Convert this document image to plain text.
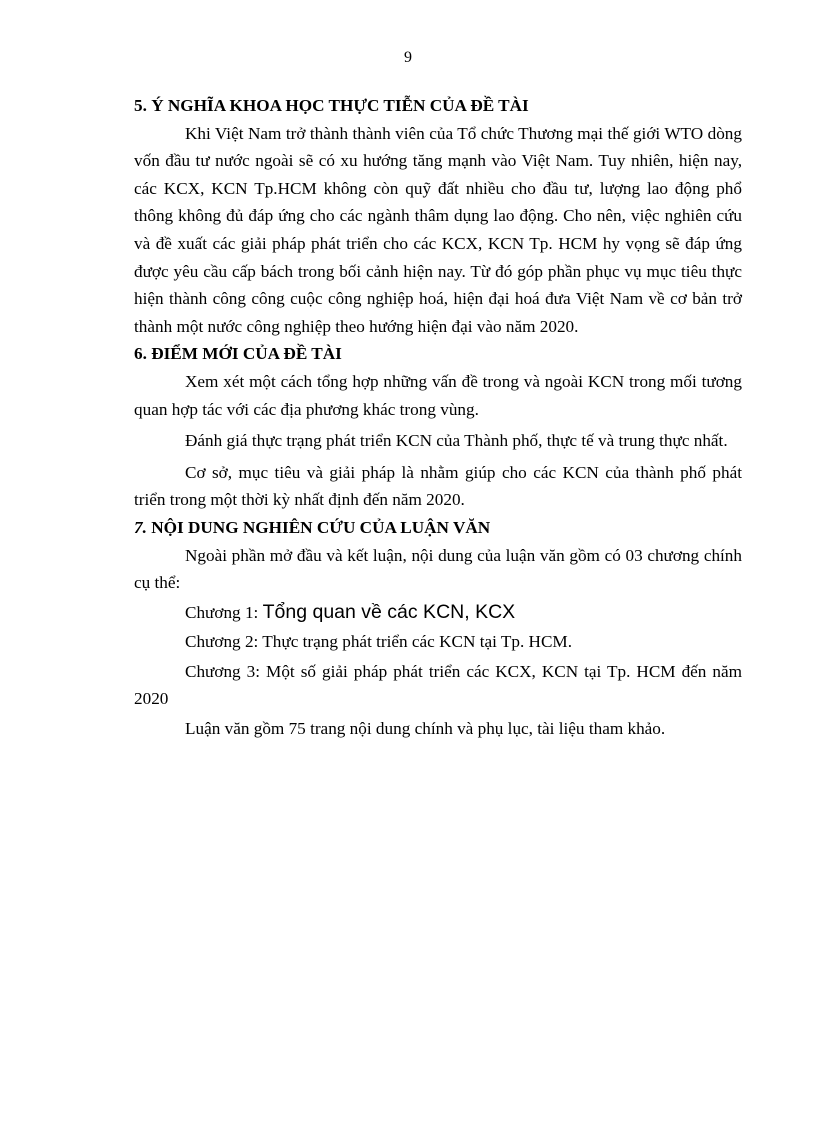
9

5. Ý NGHĨA KHOA HỌC THỰC TIỄN CỦA ĐỀ TÀI

Khi Việt Nam trở thành thành viên của Tổ chức Thương mại thế giới WTO dòng vốn đầu tư nước ngoài sẽ có xu hướng tăng mạnh vào Việt Nam. Tuy nhiên, hiện nay, các KCX, KCN Tp.HCM không còn quỹ đất nhiều cho đầu tư, lượng lao động phổ thông không đủ đáp ứng cho các ngành thâm dụng lao động. Cho nên, việc nghiên cứu và đề xuất các giải pháp phát triển cho các KCX, KCN Tp. HCM hy vọng sẽ đáp ứng được yêu cầu cấp bách trong bối cảnh hiện nay. Từ đó góp phần phục vụ mục tiêu thực hiện thành công công cuộc công nghiệp hoá, hiện đại hoá đưa Việt Nam về cơ bản trở thành một nước công nghiệp theo hướng hiện đại vào năm 2020.

6. ĐIỂM MỚI CỦA ĐỀ TÀI

Xem xét một cách tổng hợp những vấn đề trong và ngoài KCN trong mối tương quan hợp tác với các địa phương khác trong vùng.

Đánh giá thực trạng phát triển KCN của Thành phố, thực tế và trung thực nhất.

Cơ sở, mục tiêu và giải pháp là nhằm giúp cho các KCN của thành phố phát triển trong một thời kỳ nhất định đến năm 2020.

7. NỘI DUNG NGHIÊN CỨU CỦA LUẬN VĂN

Ngoài phần mở đầu và kết luận, nội dung của luận văn gồm có 03 chương chính cụ thể:

Chương 1: Tổng quan về các KCN, KCX

Chương 2: Thực trạng phát triển các KCN tại Tp. HCM.

Chương 3: Một số giải pháp phát triển các KCX, KCN tại Tp. HCM đến năm 2020

Luận văn gồm 75 trang nội dung chính và phụ lục, tài liệu tham khảo.
